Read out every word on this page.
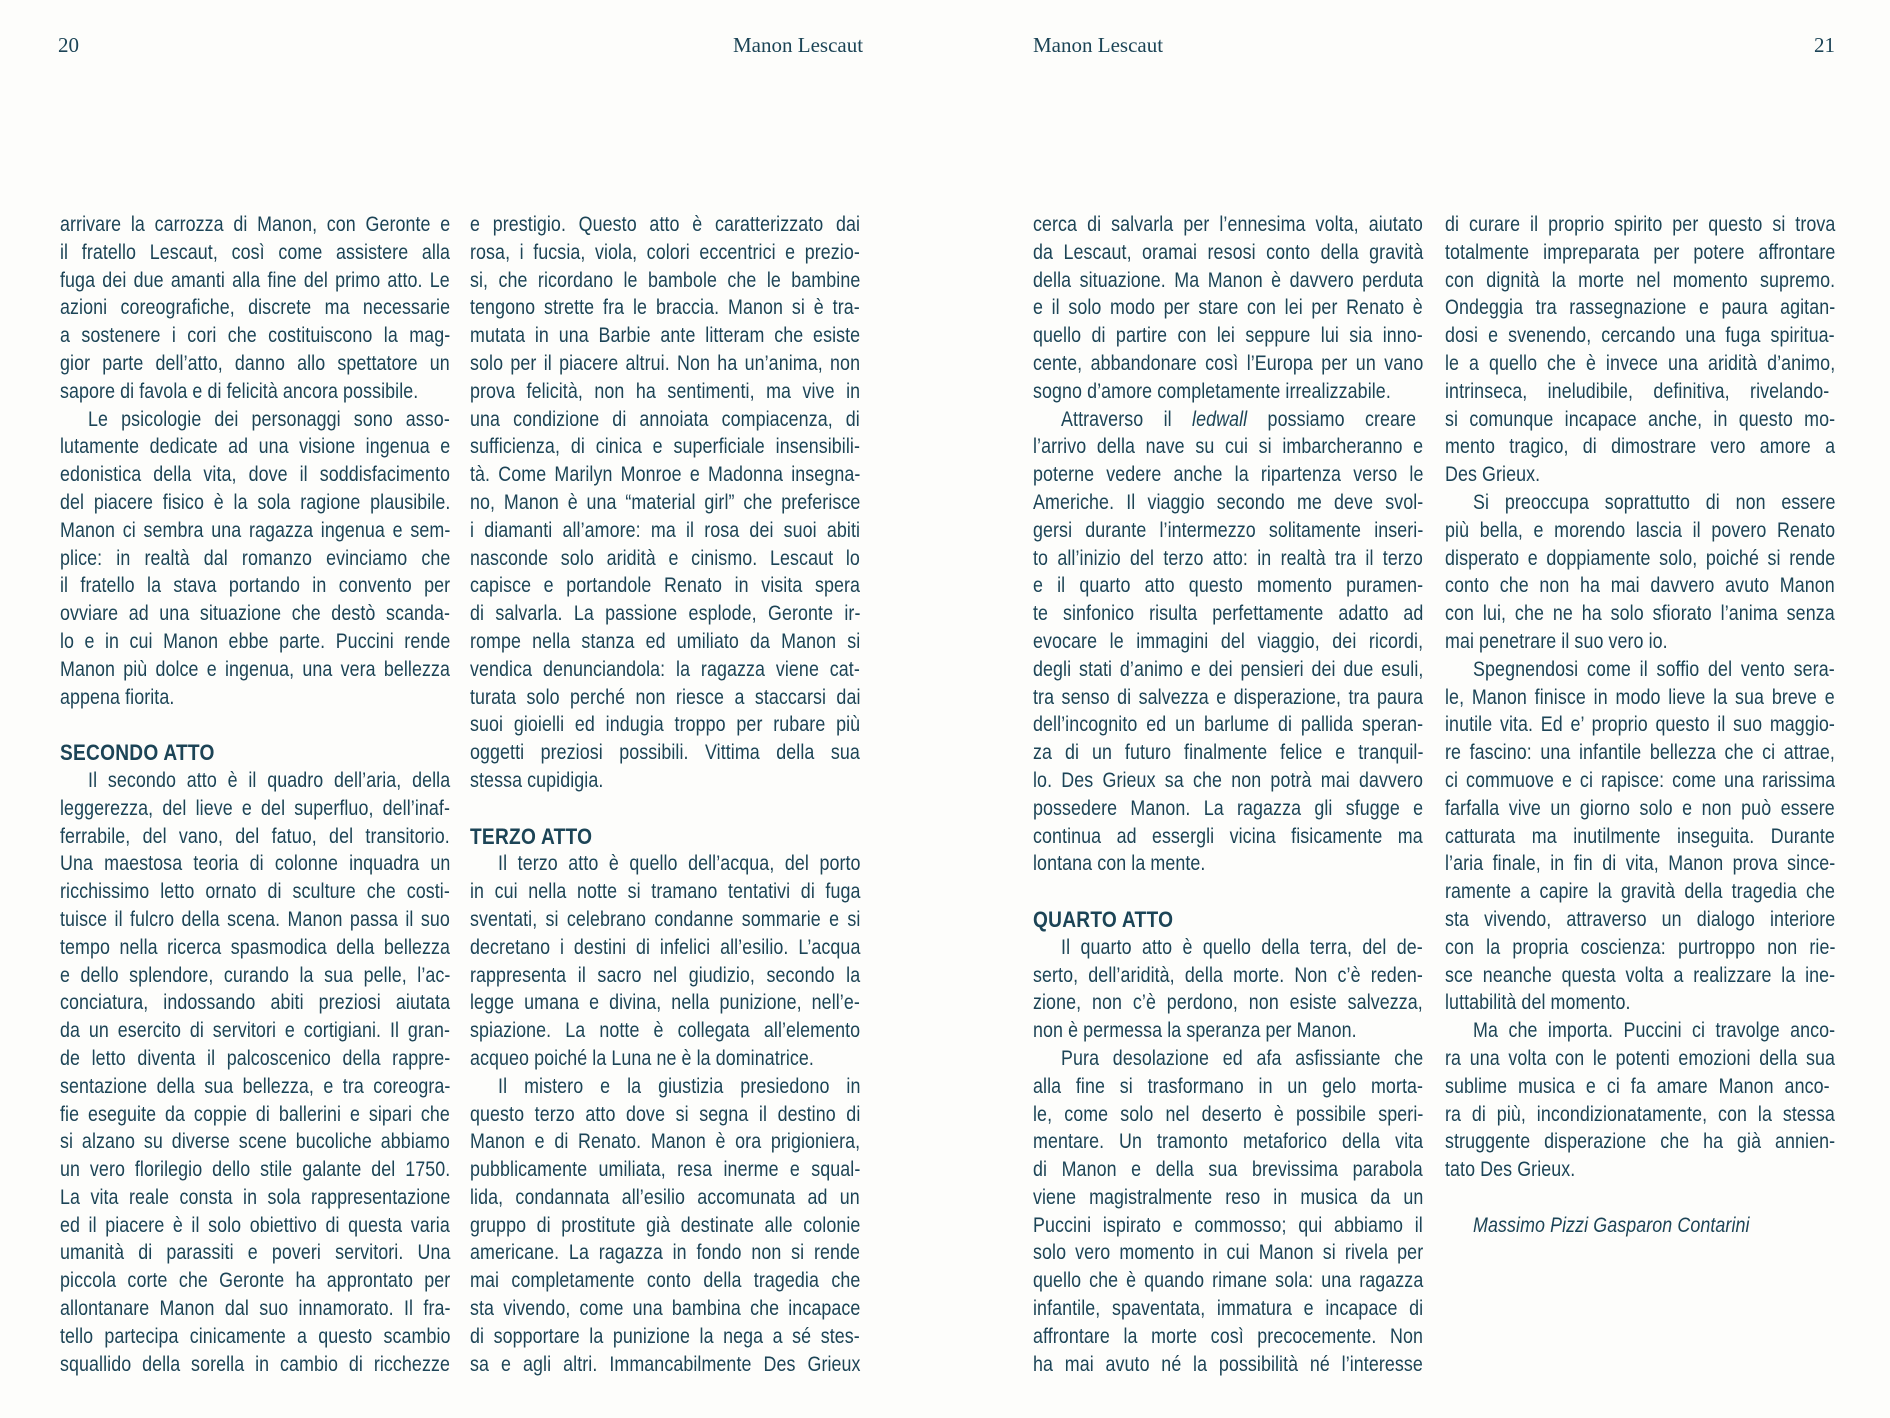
20	Manon Lescaut	Manon Lescaut	21
arrivare la carrozza di Manon, con Geronte e
il fratello Lescaut, così come assistere alla
fuga dei due amanti alla fine del primo atto. Le
azioni coreografiche, discrete ma necessarie
a sostenere i cori che costituiscono la mag-
gior parte dell’atto, danno allo spettatore un
sapore di favola e di felicità ancora possibile.
Le psicologie dei personaggi sono asso-
lutamente dedicate ad una visione ingenua e
edonistica della vita, dove il soddisfacimento
del piacere fisico è la sola ragione plausibile.
Manon ci sembra una ragazza ingenua e sem-
plice: in realtà dal romanzo evinciamo che
il fratello la stava portando in convento per
ovviare ad una situazione che destò scanda-
lo e in cui Manon ebbe parte. Puccini rende
Manon più dolce e ingenua, una vera bellezza
appena fiorita.
SECONDO ATTO
Il secondo atto è il quadro dell’aria, della
leggerezza, del lieve e del superfluo, dell’inaf-
ferrabile, del vano, del fatuo, del transitorio.
Una maestosa teoria di colonne inquadra un
ricchissimo letto ornato di sculture che costi-
tuisce il fulcro della scena. Manon passa il suo
tempo nella ricerca spasmodica della bellezza
e dello splendore, curando la sua pelle, l’ac-
conciatura, indossando abiti preziosi aiutata
da un esercito di servitori e cortigiani. Il gran-
de letto diventa il palcoscenico della rappre-
sentazione della sua bellezza, e tra coreogra-
fie eseguite da coppie di ballerini e sipari che
si alzano su diverse scene bucoliche abbiamo
un vero florilegio dello stile galante del 1750.
La vita reale consta in sola rappresentazione
ed il piacere è il solo obiettivo di questa varia
umanità di parassiti e poveri servitori. Una
piccola corte che Geronte ha approntato per
allontanare Manon dal suo innamorato. Il fra-
tello partecipa cinicamente a questo scambio
squallido della sorella in cambio di ricchezze
e prestigio. Questo atto è caratterizzato dai
rosa, i fucsia, viola, colori eccentrici e prezio-
si, che ricordano le bambole che le bambine
tengono strette fra le braccia. Manon si è tra-
mutata in una Barbie ante litteram che esiste
solo per il piacere altrui. Non ha un’anima, non
prova felicità, non ha sentimenti, ma vive in
una condizione di annoiata compiacenza, di
sufficienza, di cinica e superficiale insensibili-
tà. Come Marilyn Monroe e Madonna insegna-
no, Manon è una “material girl” che preferisce
i diamanti all’amore: ma il rosa dei suoi abiti
nasconde solo aridità e cinismo. Lescaut lo
capisce e portandole Renato in visita spera
di salvarla. La passione esplode, Geronte ir-
rompe nella stanza ed umiliato da Manon si
vendica denunciandola: la ragazza viene cat-
turata solo perché non riesce a staccarsi dai
suoi gioielli ed indugia troppo per rubare più
oggetti preziosi possibili. Vittima della sua
stessa cupidigia.
TERZO ATTO
Il terzo atto è quello dell’acqua, del porto
in cui nella notte si tramano tentativi di fuga
sventati, si celebrano condanne sommarie e si
decretano i destini di infelici all’esilio. L’acqua
rappresenta il sacro nel giudizio, secondo la
legge umana e divina, nella punizione, nell’e-
spiazione. La notte è collegata all’elemento
acqueo poiché la Luna ne è la dominatrice.
Il mistero e la giustizia presiedono in
questo terzo atto dove si segna il destino di
Manon e di Renato. Manon è ora prigioniera,
pubblicamente umiliata, resa inerme e squal-
lida, condannata all’esilio accomunata ad un
gruppo di prostitute già destinate alle colonie
americane. La ragazza in fondo non si rende
mai completamente conto della tragedia che
sta vivendo, come una bambina che incapace
di sopportare la punizione la nega a sé stes-
sa e agli altri. Immancabilmente Des Grieux
cerca di salvarla per l’ennesima volta, aiutato
da Lescaut, oramai resosi conto della gravità
della situazione. Ma Manon è davvero perduta
e il solo modo per stare con lei per Renato è
quello di partire con lei seppure lui sia inno-
cente, abbandonare così l’Europa per un vano
sogno d’amore completamente irrealizzabile.
Attraverso il ledwall possiamo creare
l’arrivo della nave su cui si imbarcheranno e
poterne vedere anche la ripartenza verso le
Americhe. Il viaggio secondo me deve svol-
gersi durante l’intermezzo solitamente inseri-
to all’inizio del terzo atto: in realtà tra il terzo
e il quarto atto questo momento puramen-
te sinfonico risulta perfettamente adatto ad
evocare le immagini del viaggio, dei ricordi,
degli stati d’animo e dei pensieri dei due esuli,
tra senso di salvezza e disperazione, tra paura
dell’incognito ed un barlume di pallida speran-
za di un futuro finalmente felice e tranquil-
lo. Des Grieux sa che non potrà mai davvero
possedere Manon. La ragazza gli sfugge e
continua ad essergli vicina fisicamente ma
lontana con la mente.
QUARTO ATTO
Il quarto atto è quello della terra, del de-
serto, dell’aridità, della morte. Non c’è reden-
zione, non c’è perdono, non esiste salvezza,
non è permessa la speranza per Manon.
Pura desolazione ed afa asfissiante che
alla fine si trasformano in un gelo morta-
le, come solo nel deserto è possibile speri-
mentare. Un tramonto metaforico della vita
di Manon e della sua brevissima parabola
viene magistralmente reso in musica da un
Puccini ispirato e commosso; qui abbiamo il
solo vero momento in cui Manon si rivela per
quello che è quando rimane sola: una ragazza
infantile, spaventata, immatura e incapace di
affrontare la morte così precocemente. Non
ha mai avuto né la possibilità né l’interesse
di curare il proprio spirito per questo si trova
totalmente impreparata per potere affrontare
con dignità la morte nel momento supremo.
Ondeggia tra rassegnazione e paura agitan-
dosi e svenendo, cercando una fuga spiritua-
le a quello che è invece una aridità d’animo,
intrinseca, ineludibile, definitiva, rivelando-
si comunque incapace anche, in questo mo-
mento tragico, di dimostrare vero amore a
Des Grieux.
Si preoccupa soprattutto di non essere
più bella, e morendo lascia il povero Renato
disperato e doppiamente solo, poiché si rende
conto che non ha mai davvero avuto Manon
con lui, che ne ha solo sfiorato l’anima senza
mai penetrare il suo vero io.
Spegnendosi come il soffio del vento sera-
le, Manon finisce in modo lieve la sua breve e
inutile vita. Ed e’ proprio questo il suo maggio-
re fascino: una infantile bellezza che ci attrae,
ci commuove e ci rapisce: come una rarissima
farfalla vive un giorno solo e non può essere
catturata ma inutilmente inseguita. Durante
l’aria finale, in fin di vita, Manon prova since-
ramente a capire la gravità della tragedia che
sta vivendo, attraverso un dialogo interiore
con la propria coscienza: purtroppo non rie-
sce neanche questa volta a realizzare la ine-
luttabilità del momento.
Ma che importa. Puccini ci travolge anco-
ra una volta con le potenti emozioni della sua
sublime musica e ci fa amare Manon anco-
ra di più, incondizionatamente, con la stessa
struggente disperazione che ha già annien-
tato Des Grieux.
Massimo Pizzi Gasparon Contarini
